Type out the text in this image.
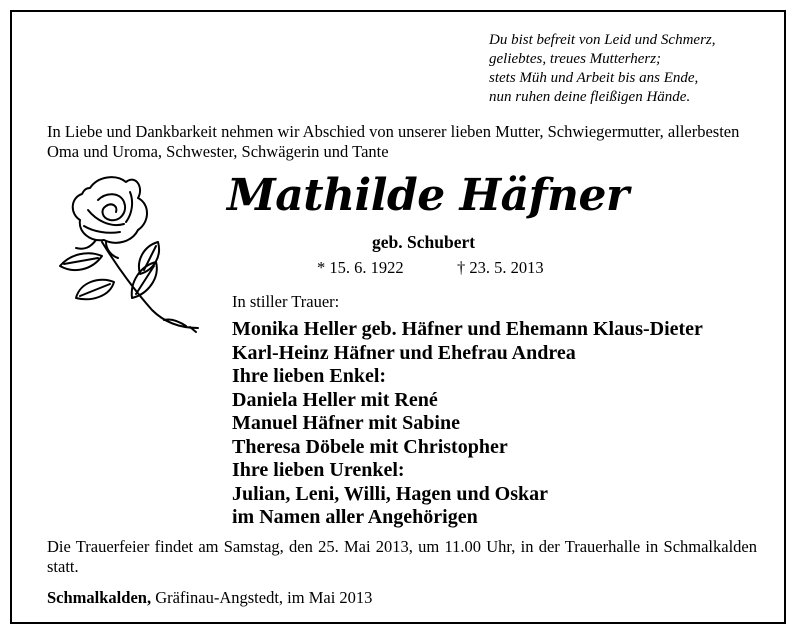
Du bist befreit von Leid und Schmerz,
geliebtes, treues Mutterherz;
stets Müh und Arbeit bis ans Ende,
nun ruhen deine fleißigen Hände.
In Liebe und Dankbarkeit nehmen wir Abschied von unserer lieben Mutter, Schwiegermutter, allerbesten Oma und Uroma, Schwester, Schwägerin und Tante
Mathilde Häfner
geb. Schubert
* 15. 6. 1922	† 23. 5. 2013
In stiller Trauer:
Monika Heller geb. Häfner und Ehemann Klaus-Dieter
Karl-Heinz Häfner und Ehefrau Andrea
Ihre lieben Enkel:
Daniela Heller mit René
Manuel Häfner mit Sabine
Theresa Döbele mit Christopher
Ihre lieben Urenkel:
Julian, Leni, Willi, Hagen und Oskar
im Namen aller Angehörigen
Die Trauerfeier findet am Samstag, den 25. Mai 2013, um 11.00 Uhr, in der Trauerhalle in Schmalkalden statt.
Schmalkalden, Gräfinau-Angstedt, im Mai 2013
